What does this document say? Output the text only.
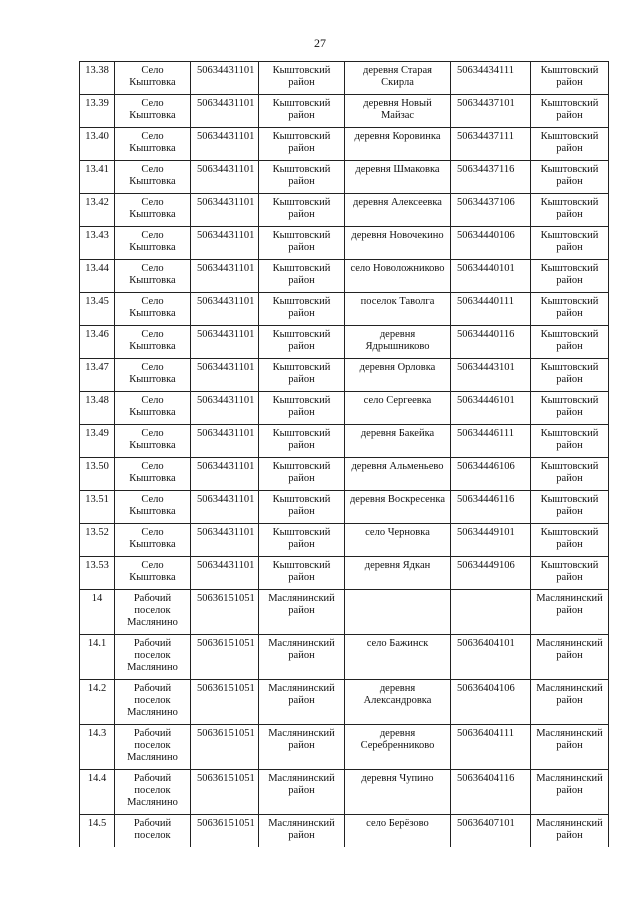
27
13.38	Село Кыштовка	50634431101	Кыштовский район	деревня Старая Скирла	50634434111	Кыштовский район
13.39	Село Кыштовка	50634431101	Кыштовский район	деревня Новый Майзас	50634437101	Кыштовский район
13.40	Село Кыштовка	50634431101	Кыштовский район	деревня Коровинка	50634437111	Кыштовский район
13.41	Село Кыштовка	50634431101	Кыштовский район	деревня Шмаковка	50634437116	Кыштовский район
13.42	Село Кыштовка	50634431101	Кыштовский район	деревня Алексеевка	50634437106	Кыштовский район
13.43	Село Кыштовка	50634431101	Кыштовский район	деревня Новочекино	50634440106	Кыштовский район
13.44	Село Кыштовка	50634431101	Кыштовский район	село Новоложниково	50634440101	Кыштовский район
13.45	Село Кыштовка	50634431101	Кыштовский район	поселок Таволга	50634440111	Кыштовский район
13.46	Село Кыштовка	50634431101	Кыштовский район	деревня Ядрышниково	50634440116	Кыштовский район
13.47	Село Кыштовка	50634431101	Кыштовский район	деревня Орловка	50634443101	Кыштовский район
13.48	Село Кыштовка	50634431101	Кыштовский район	село Сергеевка	50634446101	Кыштовский район
13.49	Село Кыштовка	50634431101	Кыштовский район	деревня Бакейка	50634446111	Кыштовский район
13.50	Село Кыштовка	50634431101	Кыштовский район	деревня Альменьево	50634446106	Кыштовский район
13.51	Село Кыштовка	50634431101	Кыштовский район	деревня Воскресенка	50634446116	Кыштовский район
13.52	Село Кыштовка	50634431101	Кыштовский район	село Черновка	50634449101	Кыштовский район
13.53	Село Кыштовка	50634431101	Кыштовский район	деревня Ядкан	50634449106	Кыштовский район
14	Рабочий поселок Маслянино	50636151051	Маслянинский район			Маслянинский район
14.1	Рабочий поселок Маслянино	50636151051	Маслянинский район	село Бажинск	50636404101	Маслянинский район
14.2	Рабочий поселок Маслянино	50636151051	Маслянинский район	деревня Александровка	50636404106	Маслянинский район
14.3	Рабочий поселок Маслянино	50636151051	Маслянинский район	деревня Серебренниково	50636404111	Маслянинский район
14.4	Рабочий поселок Маслянино	50636151051	Маслянинский район	деревня Чупино	50636404116	Маслянинский район
14.5	Рабочий поселок	50636151051	Маслянинский район	село Берёзово	50636407101	Маслянинский район
